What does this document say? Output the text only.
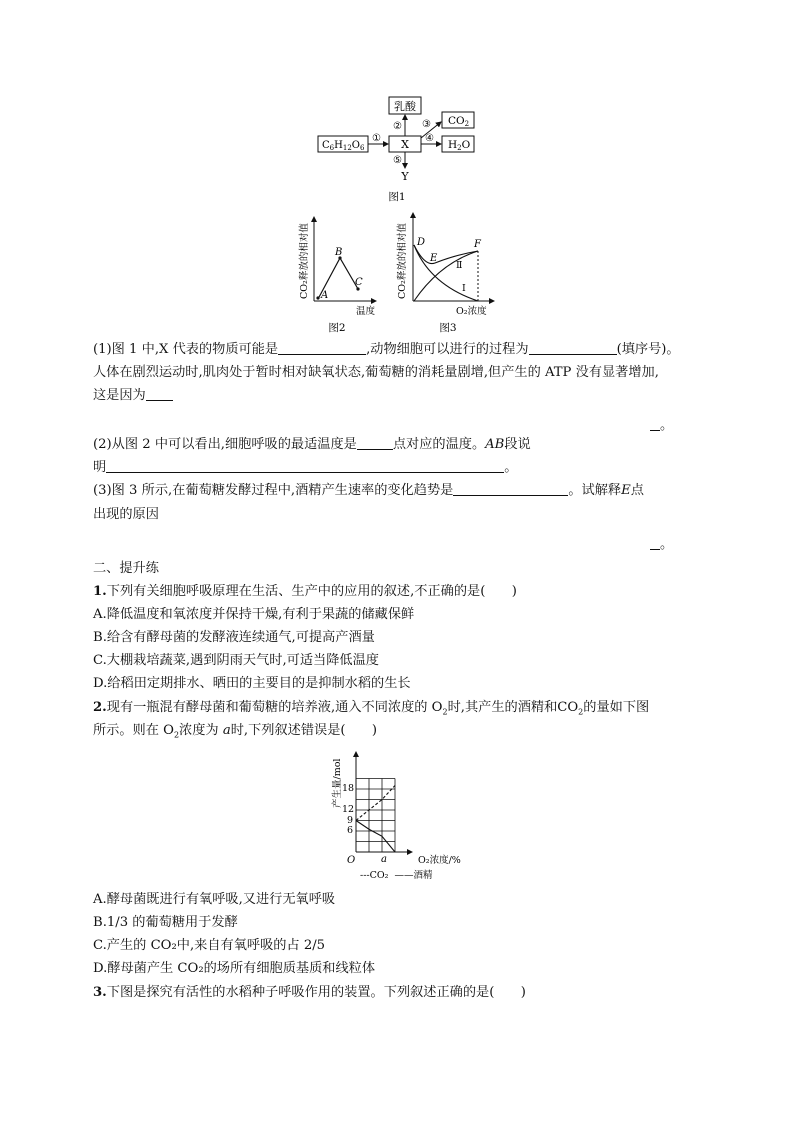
乳酸
CO2
$C_6H_{12}O_6$	X	H2O
①
② ③
④
⑤
Y
图1
CO₂释放的相对值
温度
A
B
C
图2
CO₂释放的相对值
O₂浓度
D
E
F
Ⅱ
Ⅰ
图3
(1)图 1 中,X 代表的物质可能是	,动物细胞可以进行的过程为	(填序号)。
人体在剧烈运动时,肌肉处于暂时相对缺氧状态,葡萄糖的消耗量剧增,但产生的 ATP 没有显著增加,
这是因为
。
(2)从图 2 中可以看出,细胞呼吸的最适温度是	点对应的温度。AB段说
明	。
(3)图 3 所示,在葡萄糖发酵过程中,酒精产生速率的变化趋势是	。试解释E点
出现的原因
。
二、提升练
1.下列有关细胞呼吸原理在生活、生产中的应用的叙述,不正确的是(　　)
A.降低温度和氧浓度并保持干燥,有利于果蔬的储藏保鲜
B.给含有酵母菌的发酵液连续通气,可提高产酒量
C.大棚栽培蔬菜,遇到阴雨天气时,可适当降低温度
D.给稻田定期排水、晒田的主要目的是抑制水稻的生长
2.现有一瓶混有酵母菌和葡萄糖的培养液,通入不同浓度的 $O_2$时,其产生的酒精和$CO_2$的量如下图
所示。则在 $O_2$浓度为 a时,下列叙述错误是(　　)
产生量/mol 18
12
9
6
O	a	O₂浓度/%
---CO₂ ——酒精
A.酵母菌既进行有氧呼吸,又进行无氧呼吸
B.1/3 的葡萄糖用于发酵
C.产生的 CO₂中,来自有氧呼吸的占 2/5
D.酵母菌产生 CO₂的场所有细胞质基质和线粒体
3.下图是探究有活性的水稻种子呼吸作用的装置。下列叙述正确的是(　　)
